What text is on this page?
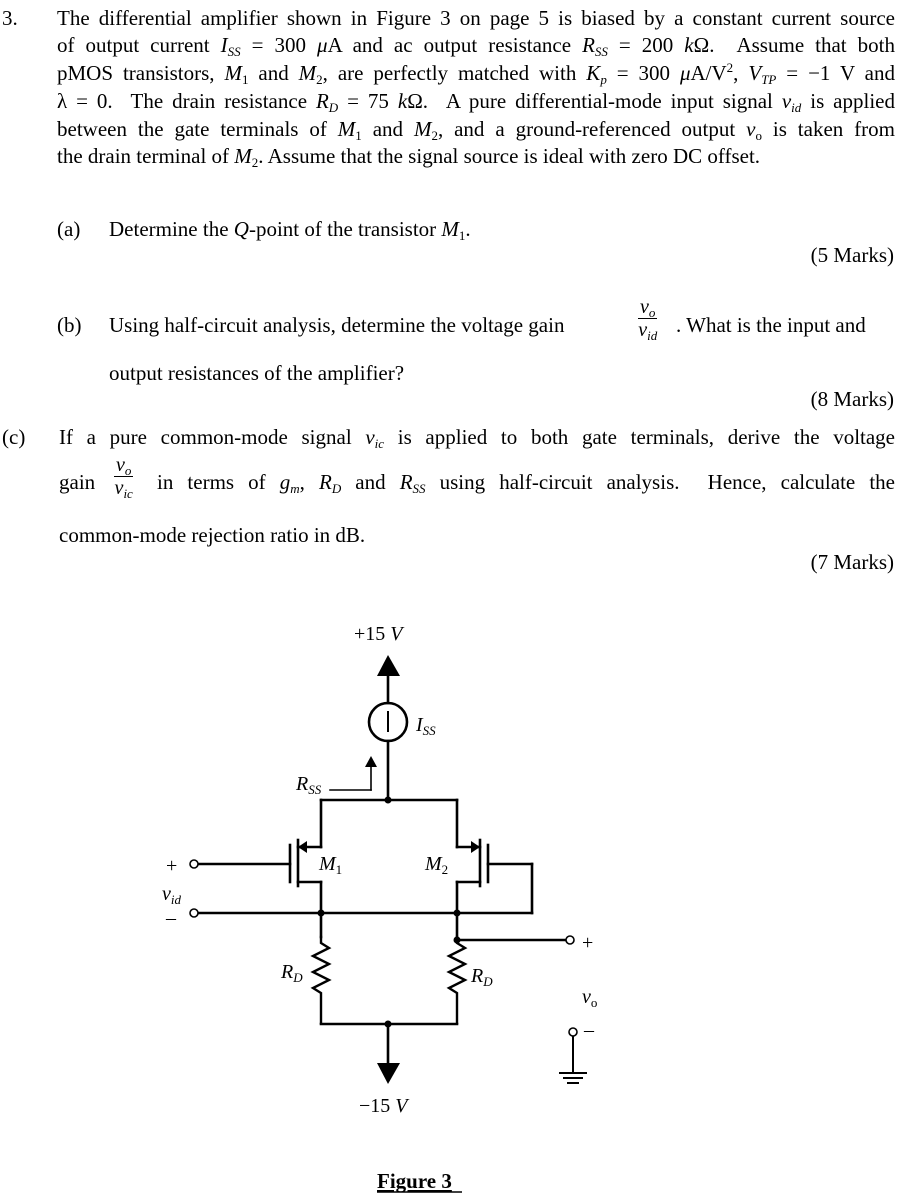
3. The differential amplifier shown in Figure 3 on page 5 is biased by a constant current source
of output current $I_{SS} = 300$ μA and ac output resistance $R_{SS} = 200$ kΩ.  Assume that both
pMOS transistors, $M_1$ and $M_2$, are perfectly matched with $K_p = 300$ $\mu A/V^2$, $V_{TP} = -1$ V and
λ = 0.  The drain resistance $R_D = 75$ kΩ.  A pure differential-mode input signal $v_{id}$ is applied
between the gate terminals of $M_1$ and $M_2$, and a ground-referenced output $v_o$ is taken from
the drain terminal of $M_2$. Assume that the signal source is ideal with zero DC offset.
(a) Determine the Q-point of the transistor $M_1$.
(5 Marks)
(b) Using half-circuit analysis, determine the voltage gain
$v_o$
$v_{id}$ . What is the input and
output resistances of the amplifier?
(8 Marks)
(c) If a pure common-mode signal $v_{ic}$ is applied to both gate terminals, derive the voltage
gain
$v_o$
$v_{ic}$ in terms of $g_m$, $R_D$ and $R_{SS}$ using half-circuit analysis.  Hence, calculate the
common-mode rejection ratio in dB.
(7 Marks)
+15 V
$I_{SS}$
$R_{SS}$
$M_1$	$M_2$
+
$v_{id}$
–
+
$R_D$	$R_D$
$v_o$
–
−15 V
Figure 3
